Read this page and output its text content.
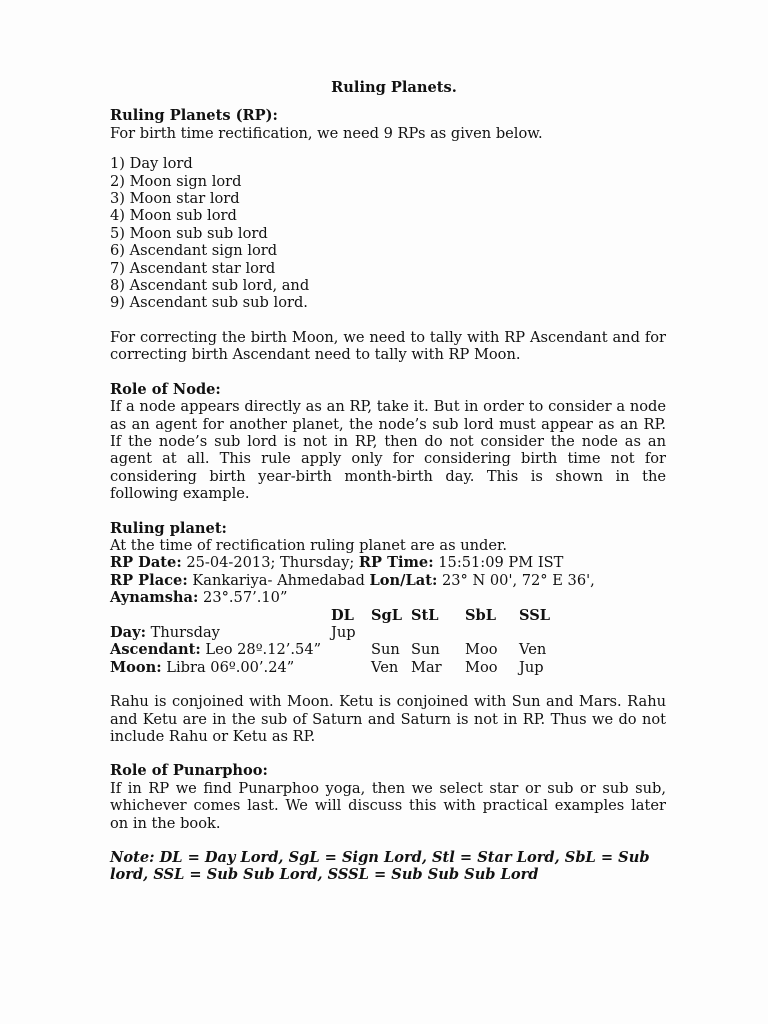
Ruling Planets.

Ruling Planets (RP):

For birth time rectification, we need 9 RPs as given below.

1) Day lord
2) Moon sign lord
3) Moon star lord
4) Moon sub lord
5) Moon sub sub lord
6) Ascendant sign lord
7) Ascendant star lord
8) Ascendant sub lord, and
9) Ascendant sub sub lord.

For correcting the birth Moon, we need to tally with RP Ascendant and for correcting birth Ascendant need to tally with RP Moon.

Role of Node:

If a node appears directly as an RP, take it. But in order to consider a node as an agent for another planet, the node’s sub lord must appear as an RP. If the node’s sub lord is not in RP, then do not consider the node as an agent at all. This rule apply only for considering birth time not for considering birth year-birth month-birth day. This is shown in the following example.

Ruling planet:

At the time of rectification ruling planet are as under.

RP Date: 25-04-2013; Thursday; RP Time: 15:51:09 PM IST

RP Place: Kankariya- Ahmedabad Lon/Lat: 23° N 00', 72° E 36',

Aynamsha: 23°.57’.10”

	DL	SgL	StL	SbL	SSL
Day: Thursday	Jup				
Ascendant: Leo 28º.12’.54”		Sun	Sun	Moo	Ven
Moon: Libra 06º.00’.24”		Ven	Mar	Moo	Jup

Rahu is conjoined with Moon. Ketu is conjoined with Sun and Mars. Rahu and Ketu are in the sub of Saturn and Saturn is not in RP. Thus we do not include Rahu or Ketu as RP.

Role of Punarphoo:

If in RP we find Punarphoo yoga, then we select star or sub or sub sub, whichever comes last. We will discuss this with practical examples later on in the book.

Note: DL = Day Lord, SgL = Sign Lord, Stl = Star Lord, SbL = Sub lord, SSL = Sub Sub Lord, SSSL = Sub Sub Sub Lord
